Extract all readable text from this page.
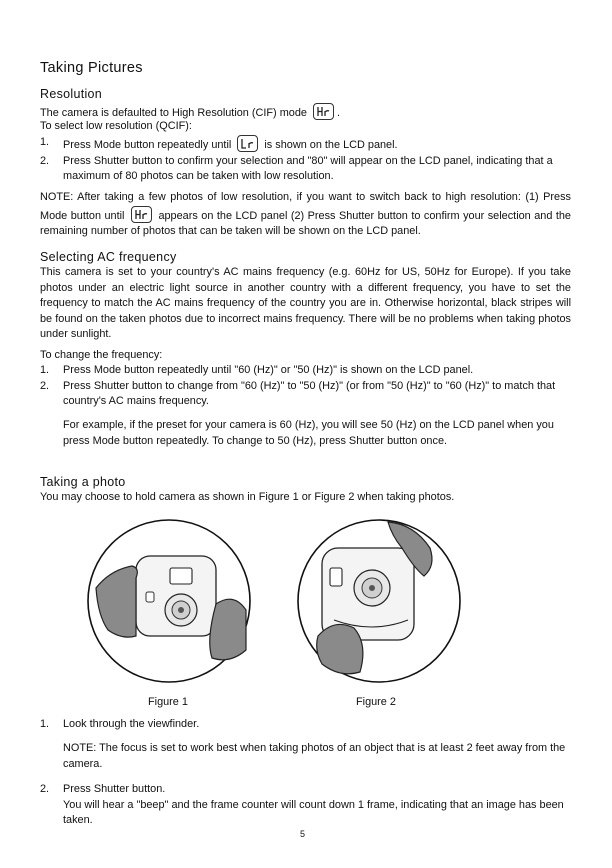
Taking Pictures
Resolution
The camera is defaulted to High Resolution (CIF) mode	.
To select low resolution (QCIF):
1. Press Mode button repeatedly until	is shown on the LCD panel.
2. Press Shutter button to confirm your selection and "80" will appear on the LCD panel, indicating that a maximum of 80 photos can be taken with low resolution.
NOTE: After taking a few photos of low resolution, if you want to switch back to high resolution: (1) Press Mode button until	appears on the LCD panel (2) Press Shutter button to confirm your selection and the remaining number of photos that can be taken will be shown on the LCD panel.
Selecting AC frequency
This camera is set to your country's AC mains frequency (e.g. 60Hz for US, 50Hz for Europe). If you take photos under an electric light source in another country with a different frequency, you have to set the frequency to match the AC mains frequency of the country you are in. Otherwise horizontal, black stripes will be found on the taken photos due to incorrect mains frequency. There will be no problems when taking photos under sunlight.
To change the frequency:
1. Press Mode button repeatedly until "60 (Hz)" or "50 (Hz)" is shown on the LCD panel.
2. Press Shutter button to change from "60 (Hz)" to "50 (Hz)" (or from "50 (Hz)" to "60 (Hz)" to match that country's AC mains frequency.
For example, if the preset for your camera is 60 (Hz), you will see 50 (Hz) on the LCD panel when you press Mode button repeatedly. To change to 50 (Hz), press Shutter button once.
Taking a photo
You may choose to hold camera as shown in Figure 1 or Figure 2 when taking photos.
Figure 1	Figure 2
1. Look through the viewfinder.
NOTE: The focus is set to work best when taking photos of an object that is at least 2 feet away from the camera.
2. Press Shutter button.
You will hear a "beep" and the frame counter will count down 1 frame, indicating that an image has been taken.
5
